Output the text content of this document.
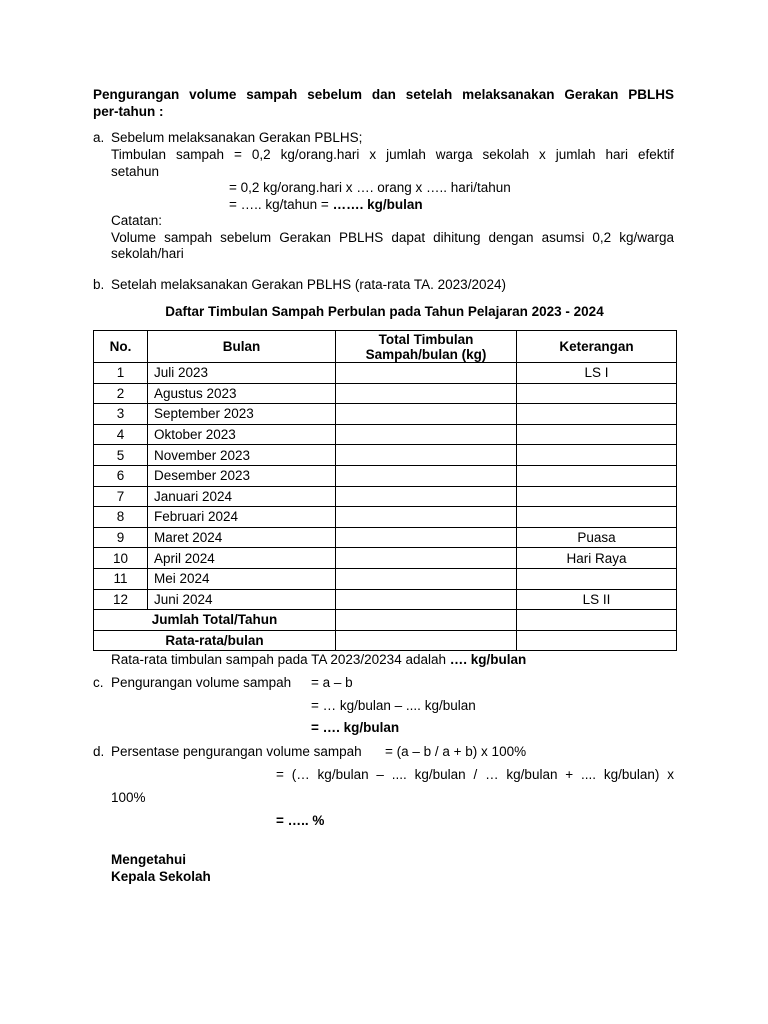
Pengurangan volume sampah sebelum dan setelah melaksanakan Gerakan PBLHS
per-tahun :
a. Sebelum melaksanakan Gerakan PBLHS;
Timbulan sampah = 0,2 kg/orang.hari x jumlah warga sekolah x jumlah hari efektif
setahun
= 0,2 kg/orang.hari x …. orang x ….. hari/tahun
= ….. kg/tahun = ……. kg/bulan
Catatan:
Volume sampah sebelum Gerakan PBLHS dapat dihitung dengan asumsi 0,2 kg/warga
sekolah/hari
b. Setelah melaksanakan Gerakan PBLHS (rata-rata TA. 2023/2024)
Daftar Timbulan Sampah Perbulan pada Tahun Pelajaran 2023 - 2024
No.	Bulan	Total Timbulan Sampah/bulan (kg)	Keterangan
1	Juli 2023		LS I
2	Agustus 2023		
3	September 2023		
4	Oktober 2023		
5	November 2023		
6	Desember 2023		
7	Januari 2024		
8	Februari 2024		
9	Maret 2024		Puasa
10	April 2024		Hari Raya
11	Mei 2024		
12	Juni 2024		LS II
Jumlah Total/Tahun			
Rata-rata/bulan			
Rata-rata timbulan sampah pada TA 2023/20234 adalah …. kg/bulan
c. Pengurangan volume sampah = a – b
= … kg/bulan – .... kg/bulan
= …. kg/bulan
d. Persentase pengurangan volume sampah = (a – b / a + b) x 100%
= (… kg/bulan – .... kg/bulan / … kg/bulan + .... kg/bulan) x
100%
= ….. %
Mengetahui
Kepala Sekolah
